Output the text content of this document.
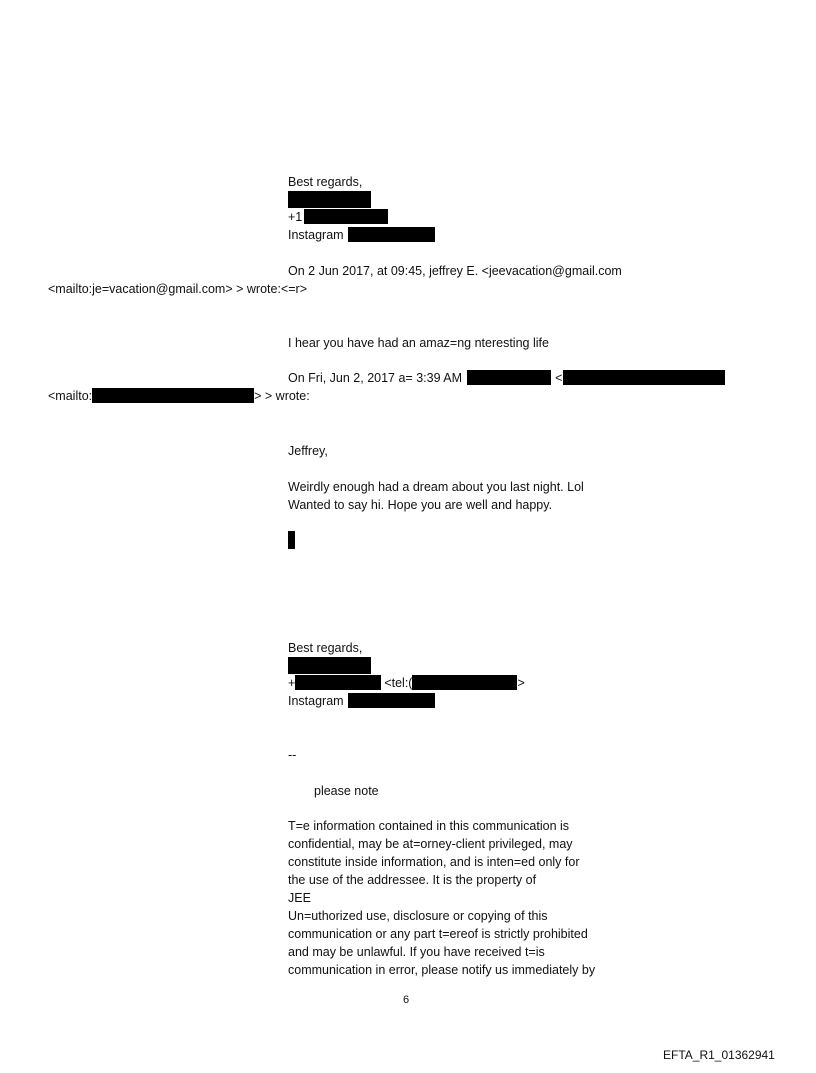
Best regards,
+1
Instagram
On 2 Jun 2017, at 09:45, jeffrey E. <jeevacation@gmail.com
<mailto:je=vacation@gmail.com> > wrote:<=r>
I hear you have had an amaz=ng nteresting life
On Fri, Jun 2, 2017 a= 3:39 AM	<
<mailto:	> > wrote:
Jeffrey,
Weirdly enough had a dream about you last night. Lol
Wanted to say hi. Hope you are well and happy.
Best regards,
+	<tel:(	>
Instagram
--
please note
T=e information contained in this communication is
confidential, may be at=orney-client privileged, may
constitute inside information, and is inten=ed only for
the use of the addressee. It is the property of
JEE
Un=uthorized use, disclosure or copying of this
communication or any part t=ereof is strictly prohibited
and may be unlawful. If you have received t=is
communication in error, please notify us immediately by
6
EFTA_R1_01362941
